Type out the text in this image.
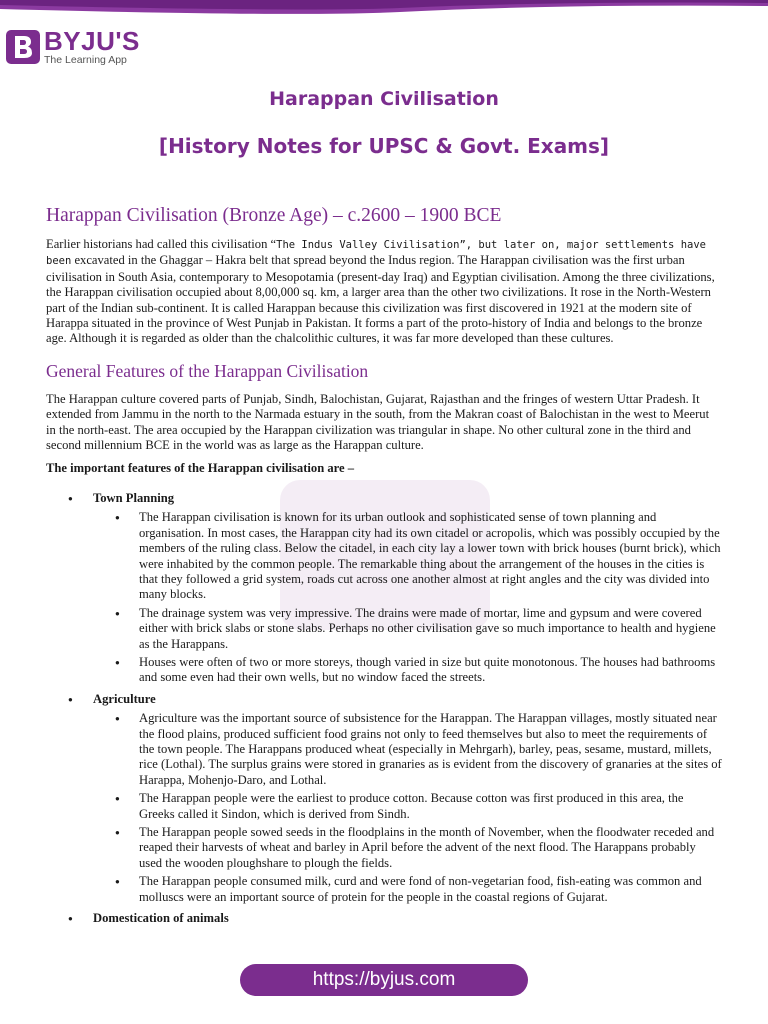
BYJU'S
The Learning App
Harappan Civilisation
[History Notes for UPSC & Govt. Exams]
Harappan Civilisation (Bronze Age) – c.2600 – 1900 BCE

Earlier historians had called this civilisation “The Indus Valley Civilisation”, but later on, major settlements have been excavated in the Ghaggar – Hakra belt that spread beyond the Indus region. The Harappan civilisation was the first urban civilisation in South Asia, contemporary to Mesopotamia (present-day Iraq) and Egyptian civilisation. Among the three civilizations, the Harappan civilisation occupied about 8,00,000 sq. km, a larger area than the other two civilizations. It rose in the North-Western part of the Indian sub-continent. It is called Harappan because this civilization was first discovered in 1921 at the modern site of Harappa situated in the province of West Punjab in Pakistan. It forms a part of the proto-history of India and belongs to the bronze age. Although it is regarded as older than the chalcolithic cultures, it was far more developed than these cultures.

General Features of the Harappan Civilisation

The Harappan culture covered parts of Punjab, Sindh, Balochistan, Gujarat, Rajasthan and the fringes of western Uttar Pradesh. It extended from Jammu in the north to the Narmada estuary in the south, from the Makran coast of Balochistan in the west to Meerut in the north-east. The area occupied by the Harappan civilization was triangular in shape. No other cultural zone in the third and second millennium BCE in the world was as large as the Harappan culture.

The important features of the Harappan civilisation are –

● Town Planning
● The Harappan civilisation is known for its urban outlook and sophisticated sense of town planning and organisation. In most cases, the Harappan city had its own citadel or acropolis, which was possibly occupied by the members of the ruling class. Below the citadel, in each city lay a lower town with brick houses (burnt brick), which were inhabited by the common people. The remarkable thing about the arrangement of the houses in the cities is that they followed a grid system, roads cut across one another almost at right angles and the city was divided into many blocks.
● The drainage system was very impressive. The drains were made of mortar, lime and gypsum and were covered either with brick slabs or stone slabs. Perhaps no other civilisation gave so much importance to health and hygiene as the Harappans.
● Houses were often of two or more storeys, though varied in size but quite monotonous. The houses had bathrooms and some even had their own wells, but no window faced the streets.
● Agriculture
● Agriculture was the important source of subsistence for the Harappan. The Harappan villages, mostly situated near the flood plains, produced sufficient food grains not only to feed themselves but also to meet the requirements of the town people. The Harappans produced wheat (especially in Mehrgarh), barley, peas, sesame, mustard, millets, rice (Lothal). The surplus grains were stored in granaries as is evident from the discovery of granaries at the sites of Harappa, Mohenjo-Daro, and Lothal.
● The Harappan people were the earliest to produce cotton. Because cotton was first produced in this area, the Greeks called it Sindon, which is derived from Sindh.
● The Harappan people sowed seeds in the floodplains in the month of November, when the floodwater receded and reaped their harvests of wheat and barley in April before the advent of the next flood. The Harappans probably used the wooden ploughshare to plough the fields.
● The Harappan people consumed milk, curd and were fond of non-vegetarian food, fish-eating was common and molluscs were an important source of protein for the people in the coastal regions of Gujarat.
● Domestication of animals
https://byjus.com
